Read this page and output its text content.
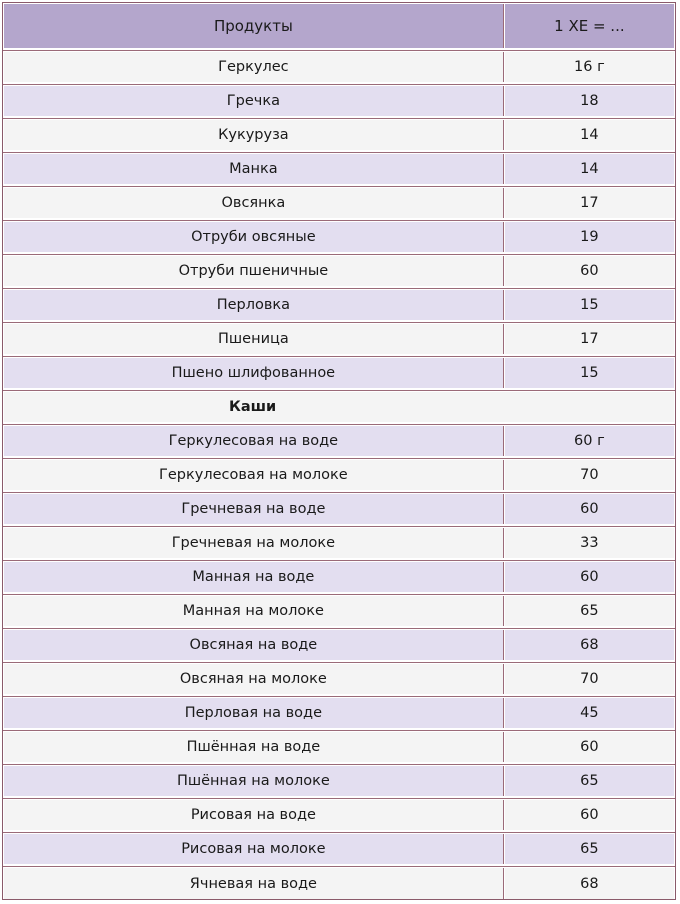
Продукты	1 ХЕ = ...
Геркулес	16 г
Гречка	18
Кукуруза	14
Манка	14
Овсянка	17
Отруби овсяные	19
Отруби пшеничные	60
Перловка	15
Пшеница	17
Пшено шлифованное	15
Каши
Геркулесовая на воде	60 г
Геркулесовая на молоке	70
Гречневая на воде	60
Гречневая на молоке	33
Манная на воде	60
Манная на молоке	65
Овсяная на воде	68
Овсяная на молоке	70
Перловая на воде	45
Пшённая на воде	60
Пшённая на молоке	65
Рисовая на воде	60
Рисовая на молоке	65
Ячневая на воде	68
